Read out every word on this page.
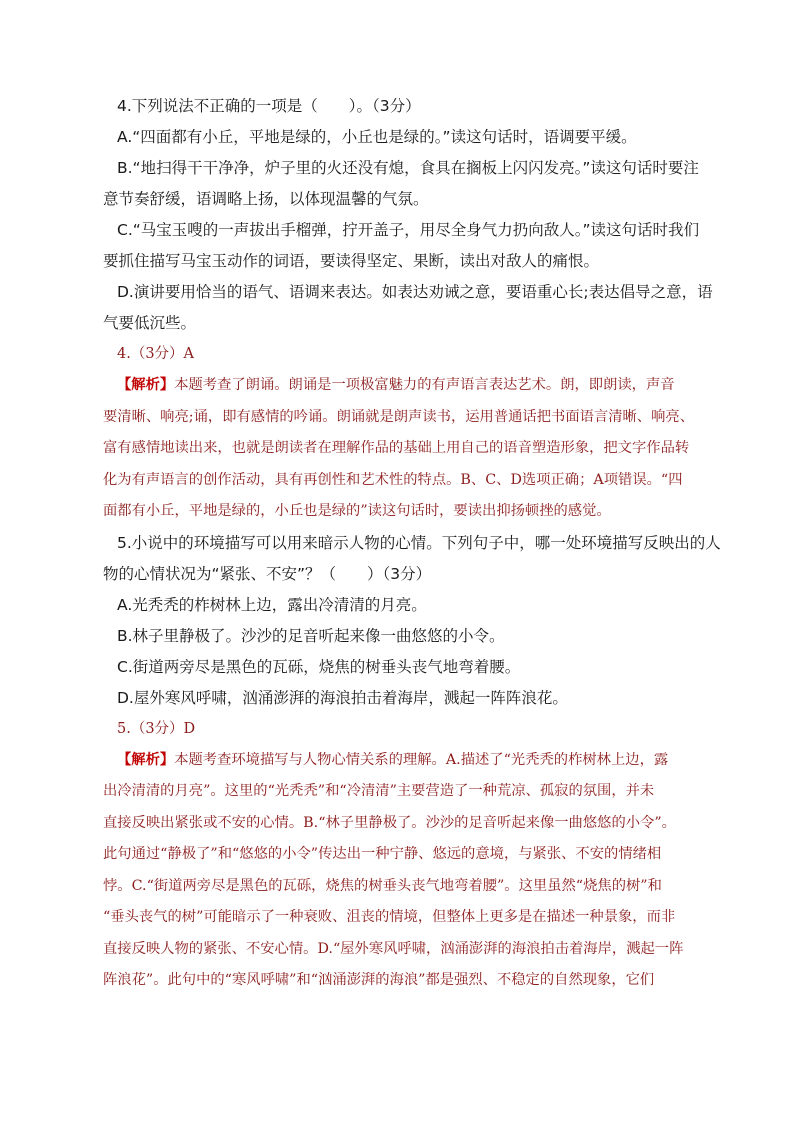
4.下列说法不正确的一项是（　　）。（3分）
A.“四面都有小丘，平地是绿的，小丘也是绿的。”读这句话时，语调要平缓。
B.“地扫得干干净净，炉子里的火还没有熄，食具在搁板上闪闪发亮。”读这句话时要注
意节奏舒缓，语调略上扬，以体现温馨的气氛。
C.“马宝玉嗖的一声拔出手榴弹，拧开盖子，用尽全身气力扔向敌人。”读这句话时我们
要抓住描写马宝玉动作的词语，要读得坚定、果断，读出对敌人的痛恨。
D.演讲要用恰当的语气、语调来表达。如表达劝诫之意，要语重心长;表达倡导之意，语
气要低沉些。
4.（3分）A
【解析】本题考查了朗诵。朗诵是一项极富魅力的有声语言表达艺术。朗，即朗读，声音
要清晰、响亮;诵，即有感情的吟诵。朗诵就是朗声读书，运用普通话把书面语言清晰、响亮、
富有感情地读出来，也就是朗读者在理解作品的基础上用自己的语音塑造形象，把文字作品转
化为有声语言的创作活动，具有再创性和艺术性的特点。B、C、D选项正确；A项错误。“四
面都有小丘，平地是绿的，小丘也是绿的”读这句话时，要读出抑扬顿挫的感觉。
5.小说中的环境描写可以用来暗示人物的心情。下列句子中，哪一处环境描写反映出的人
物的心情状况为“紧张、不安”？（　　）（3分）
A.光秃秃的柞树林上边，露出冷清清的月亮。
B.林子里静极了。沙沙的足音听起来像一曲悠悠的小令。
C.街道两旁尽是黑色的瓦砾，烧焦的树垂头丧气地弯着腰。
D.屋外寒风呼啸，汹涌澎湃的海浪拍击着海岸，溅起一阵阵浪花。
5.（3分）D
【解析】本题考查环境描写与人物心情关系的理解。A.描述了“光秃秃的柞树林上边，露
出冷清清的月亮”。这里的“光秃秃”和“冷清清”主要营造了一种荒凉、孤寂的氛围，并未
直接反映出紧张或不安的心情。B.“林子里静极了。沙沙的足音听起来像一曲悠悠的小令”。
此句通过“静极了”和“悠悠的小令”传达出一种宁静、悠远的意境，与紧张、不安的情绪相
悖。C.“街道两旁尽是黑色的瓦砾，烧焦的树垂头丧气地弯着腰”。这里虽然“烧焦的树”和
“垂头丧气的树”可能暗示了一种衰败、沮丧的情境，但整体上更多是在描述一种景象，而非
直接反映人物的紧张、不安心情。D.“屋外寒风呼啸，汹涌澎湃的海浪拍击着海岸，溅起一阵
阵浪花”。此句中的“寒风呼啸”和“汹涌澎湃的海浪”都是强烈、不稳定的自然现象，它们
